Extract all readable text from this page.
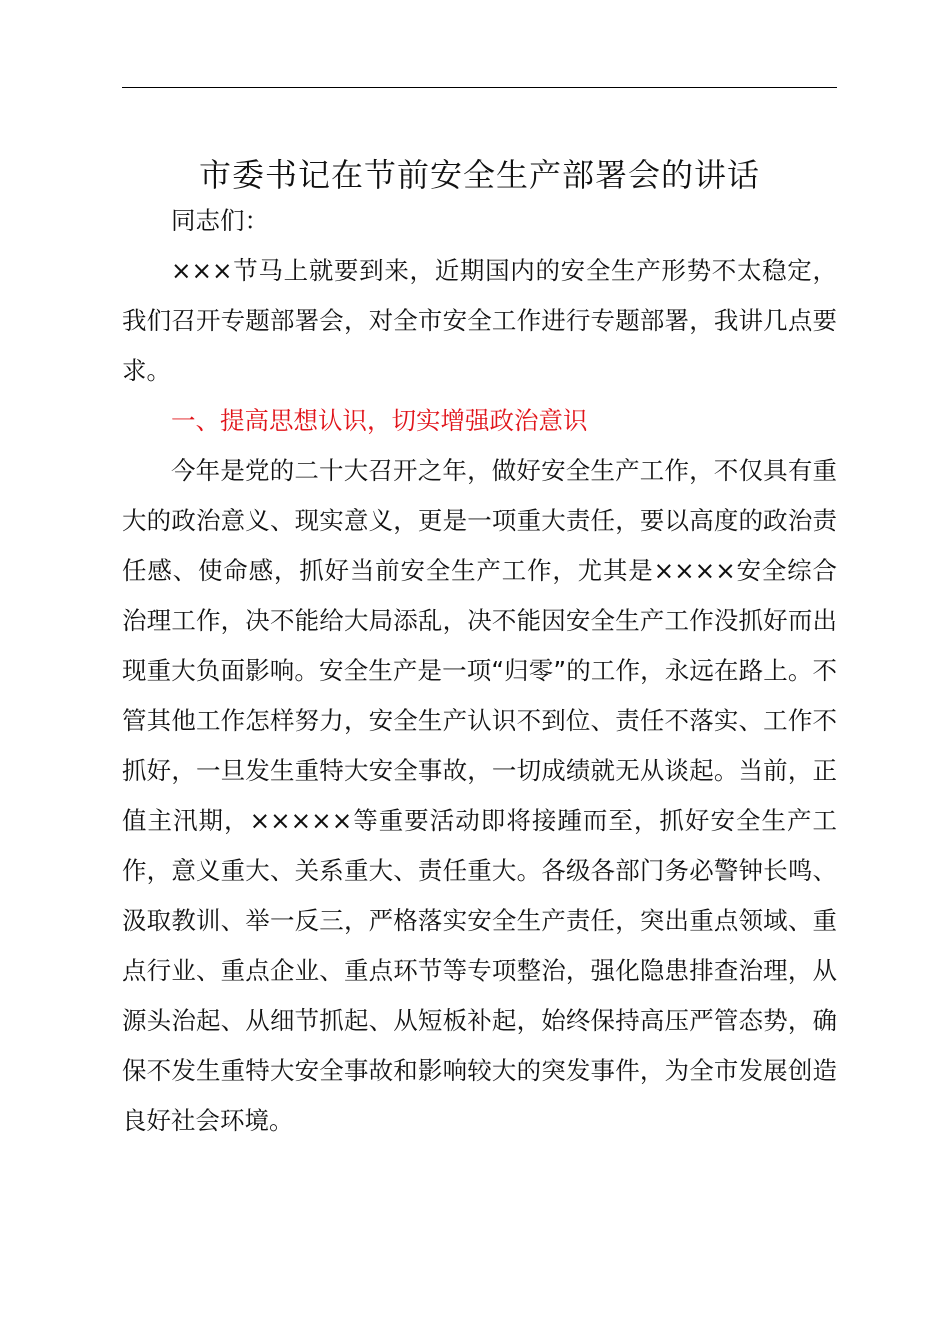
市委书记在节前安全生产部署会的讲话

同志们：

×××节马上就要到来，近期国内的安全生产形势不太稳定，我们召开专题部署会，对全市安全工作进行专题部署，我讲几点要求。

一、提高思想认识，切实增强政治意识

今年是党的二十大召开之年，做好安全生产工作，不仅具有重大的政治意义、现实意义，更是一项重大责任，要以高度的政治责任感、使命感，抓好当前安全生产工作，尤其是××××安全综合治理工作，决不能给大局添乱，决不能因安全生产工作没抓好而出现重大负面影响。安全生产是一项“归零”的工作，永远在路上。不管其他工作怎样努力，安全生产认识不到位、责任不落实、工作不抓好，一旦发生重特大安全事故，一切成绩就无从谈起。当前，正值主汛期，×××××等重要活动即将接踵而至，抓好安全生产工作，意义重大、关系重大、责任重大。各级各部门务必警钟长鸣、汲取教训、举一反三，严格落实安全生产责任，突出重点领域、重点行业、重点企业、重点环节等专项整治，强化隐患排查治理，从源头治起、从细节抓起、从短板补起，始终保持高压严管态势，确保不发生重特大安全事故和影响较大的突发事件，为全市发展创造良好社会环境。
